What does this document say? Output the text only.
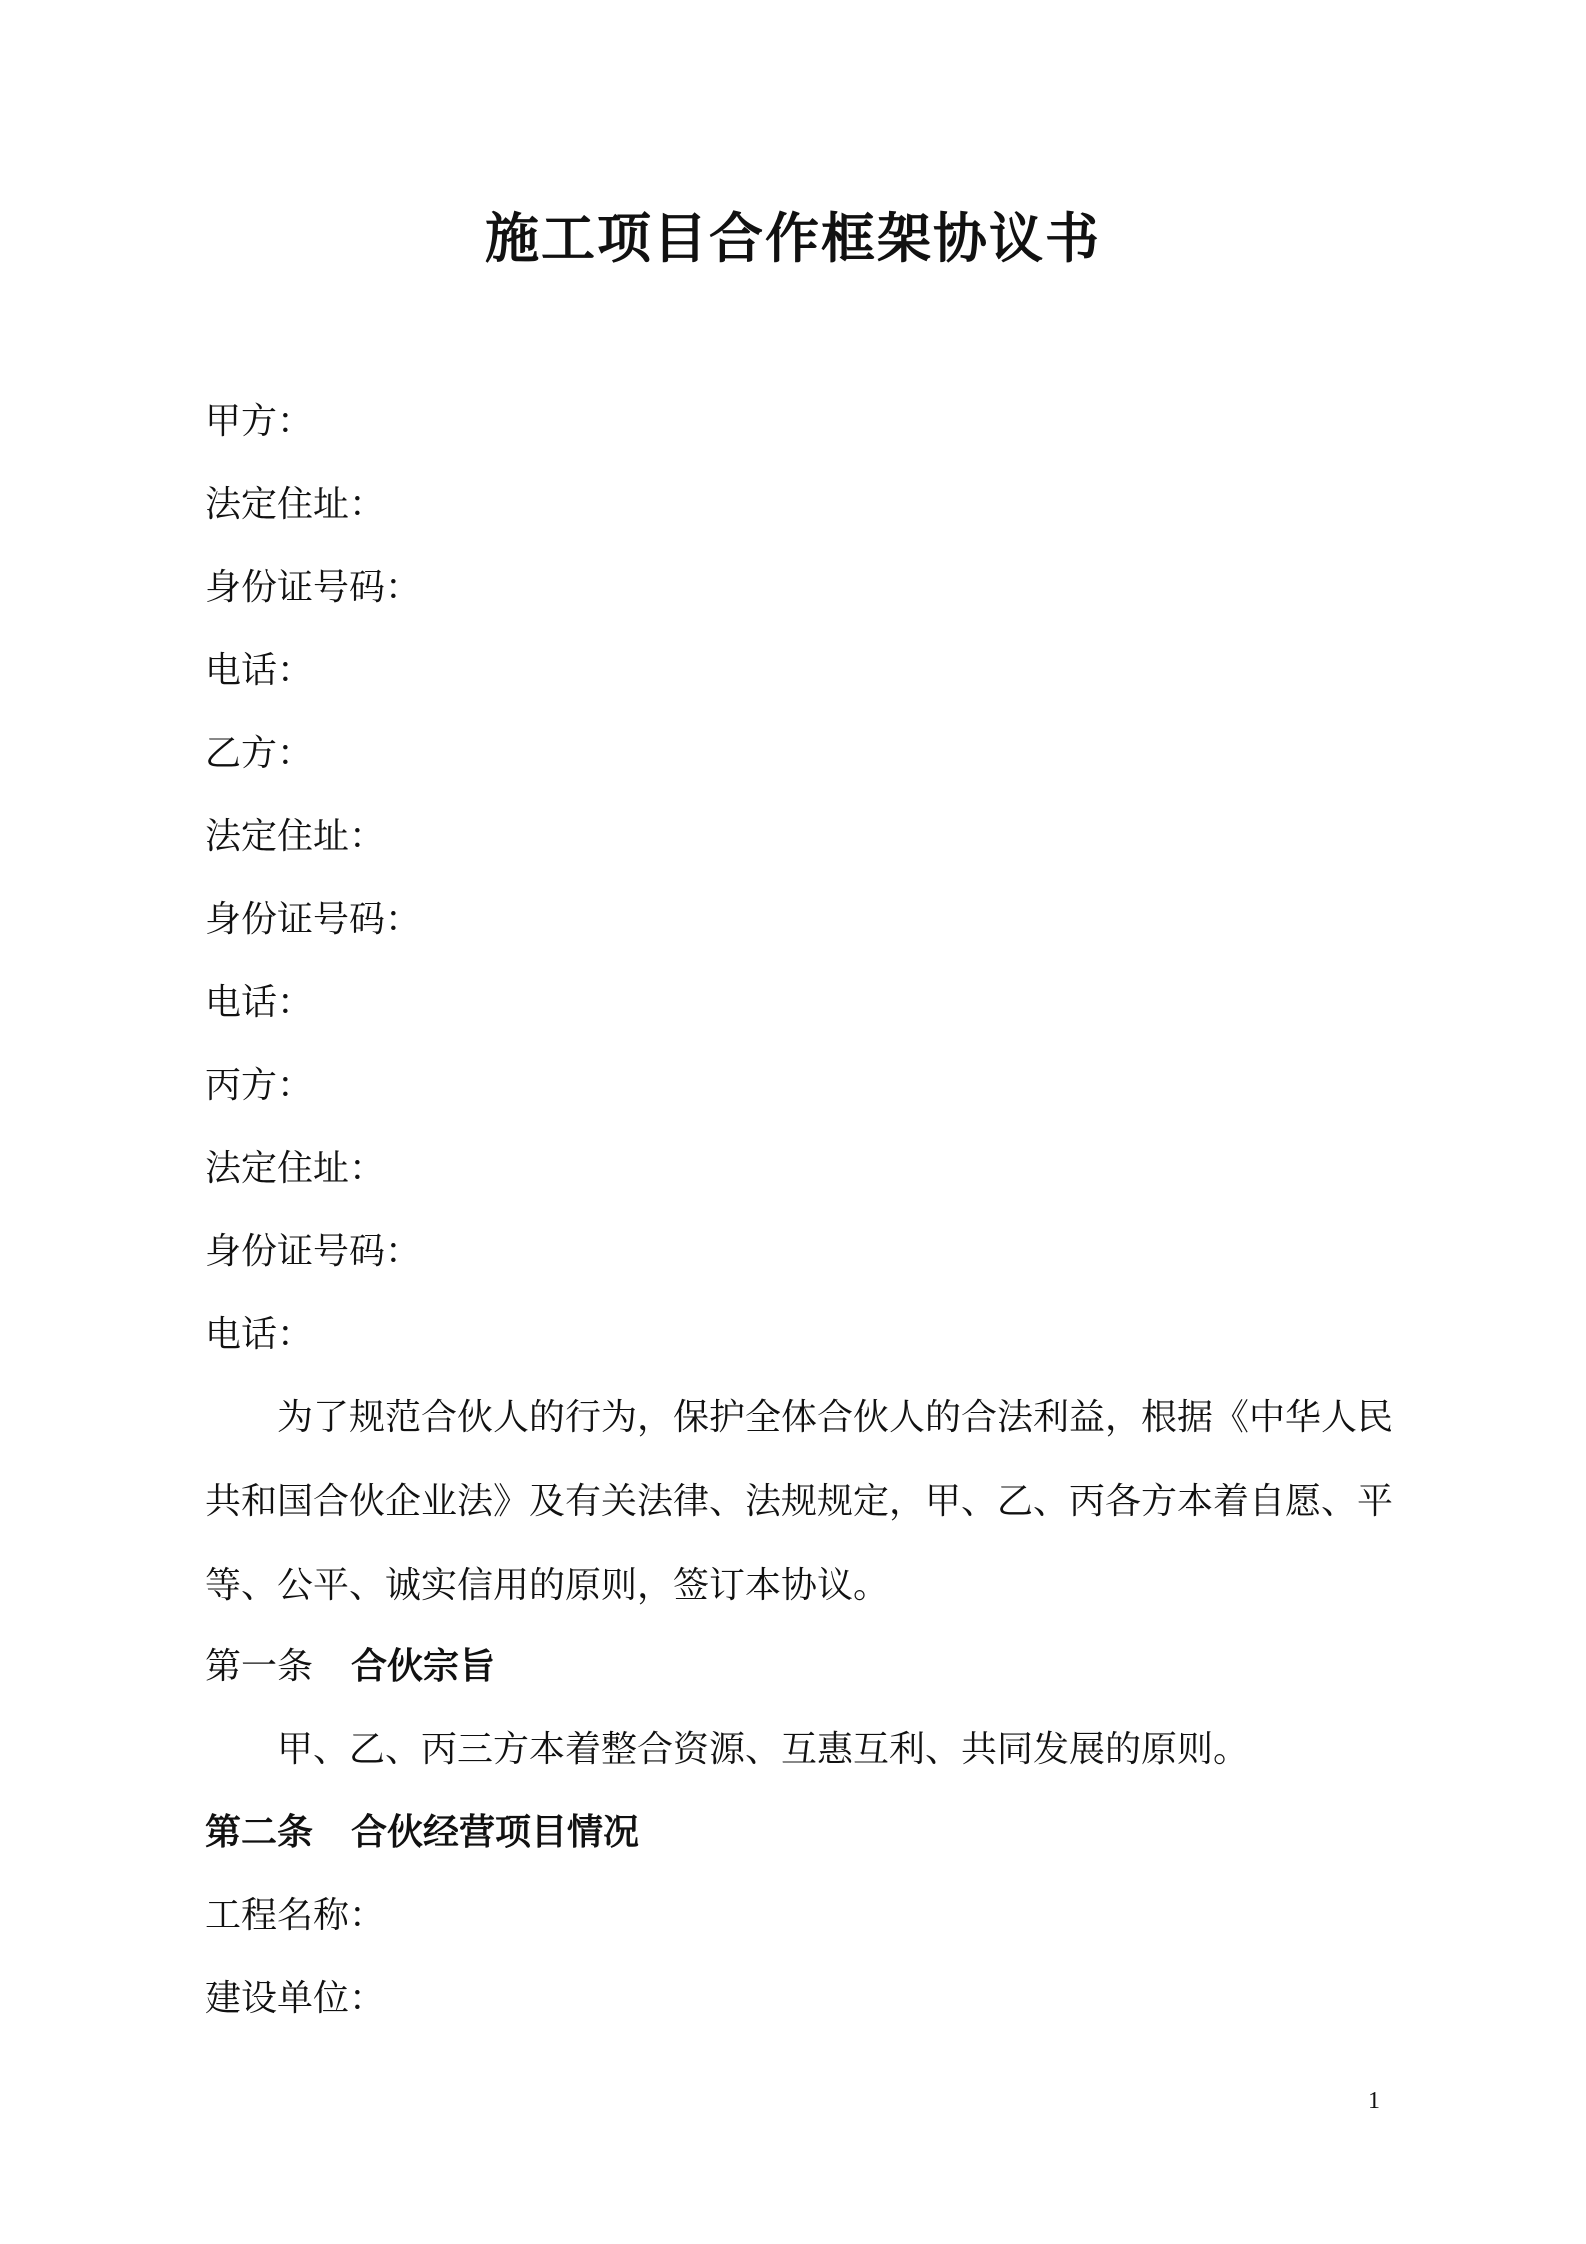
施工项目合作框架协议书

甲方：

法定住址：

身份证号码：

电话：

乙方：

法定住址：

身份证号码：

电话：

丙方：

法定住址：

身份证号码：

电话：

为了规范合伙人的行为，保护全体合伙人的合法利益，根据《中华人民共和国合伙企业法》及有关法律、法规规定，甲、乙、丙各方本着自愿、平等、公平、诚实信用的原则，签订本协议。

第一条 合伙宗旨

甲、乙、丙三方本着整合资源、互惠互利、共同发展的原则。

第二条 合伙经营项目情况

工程名称：

建设单位：

1
